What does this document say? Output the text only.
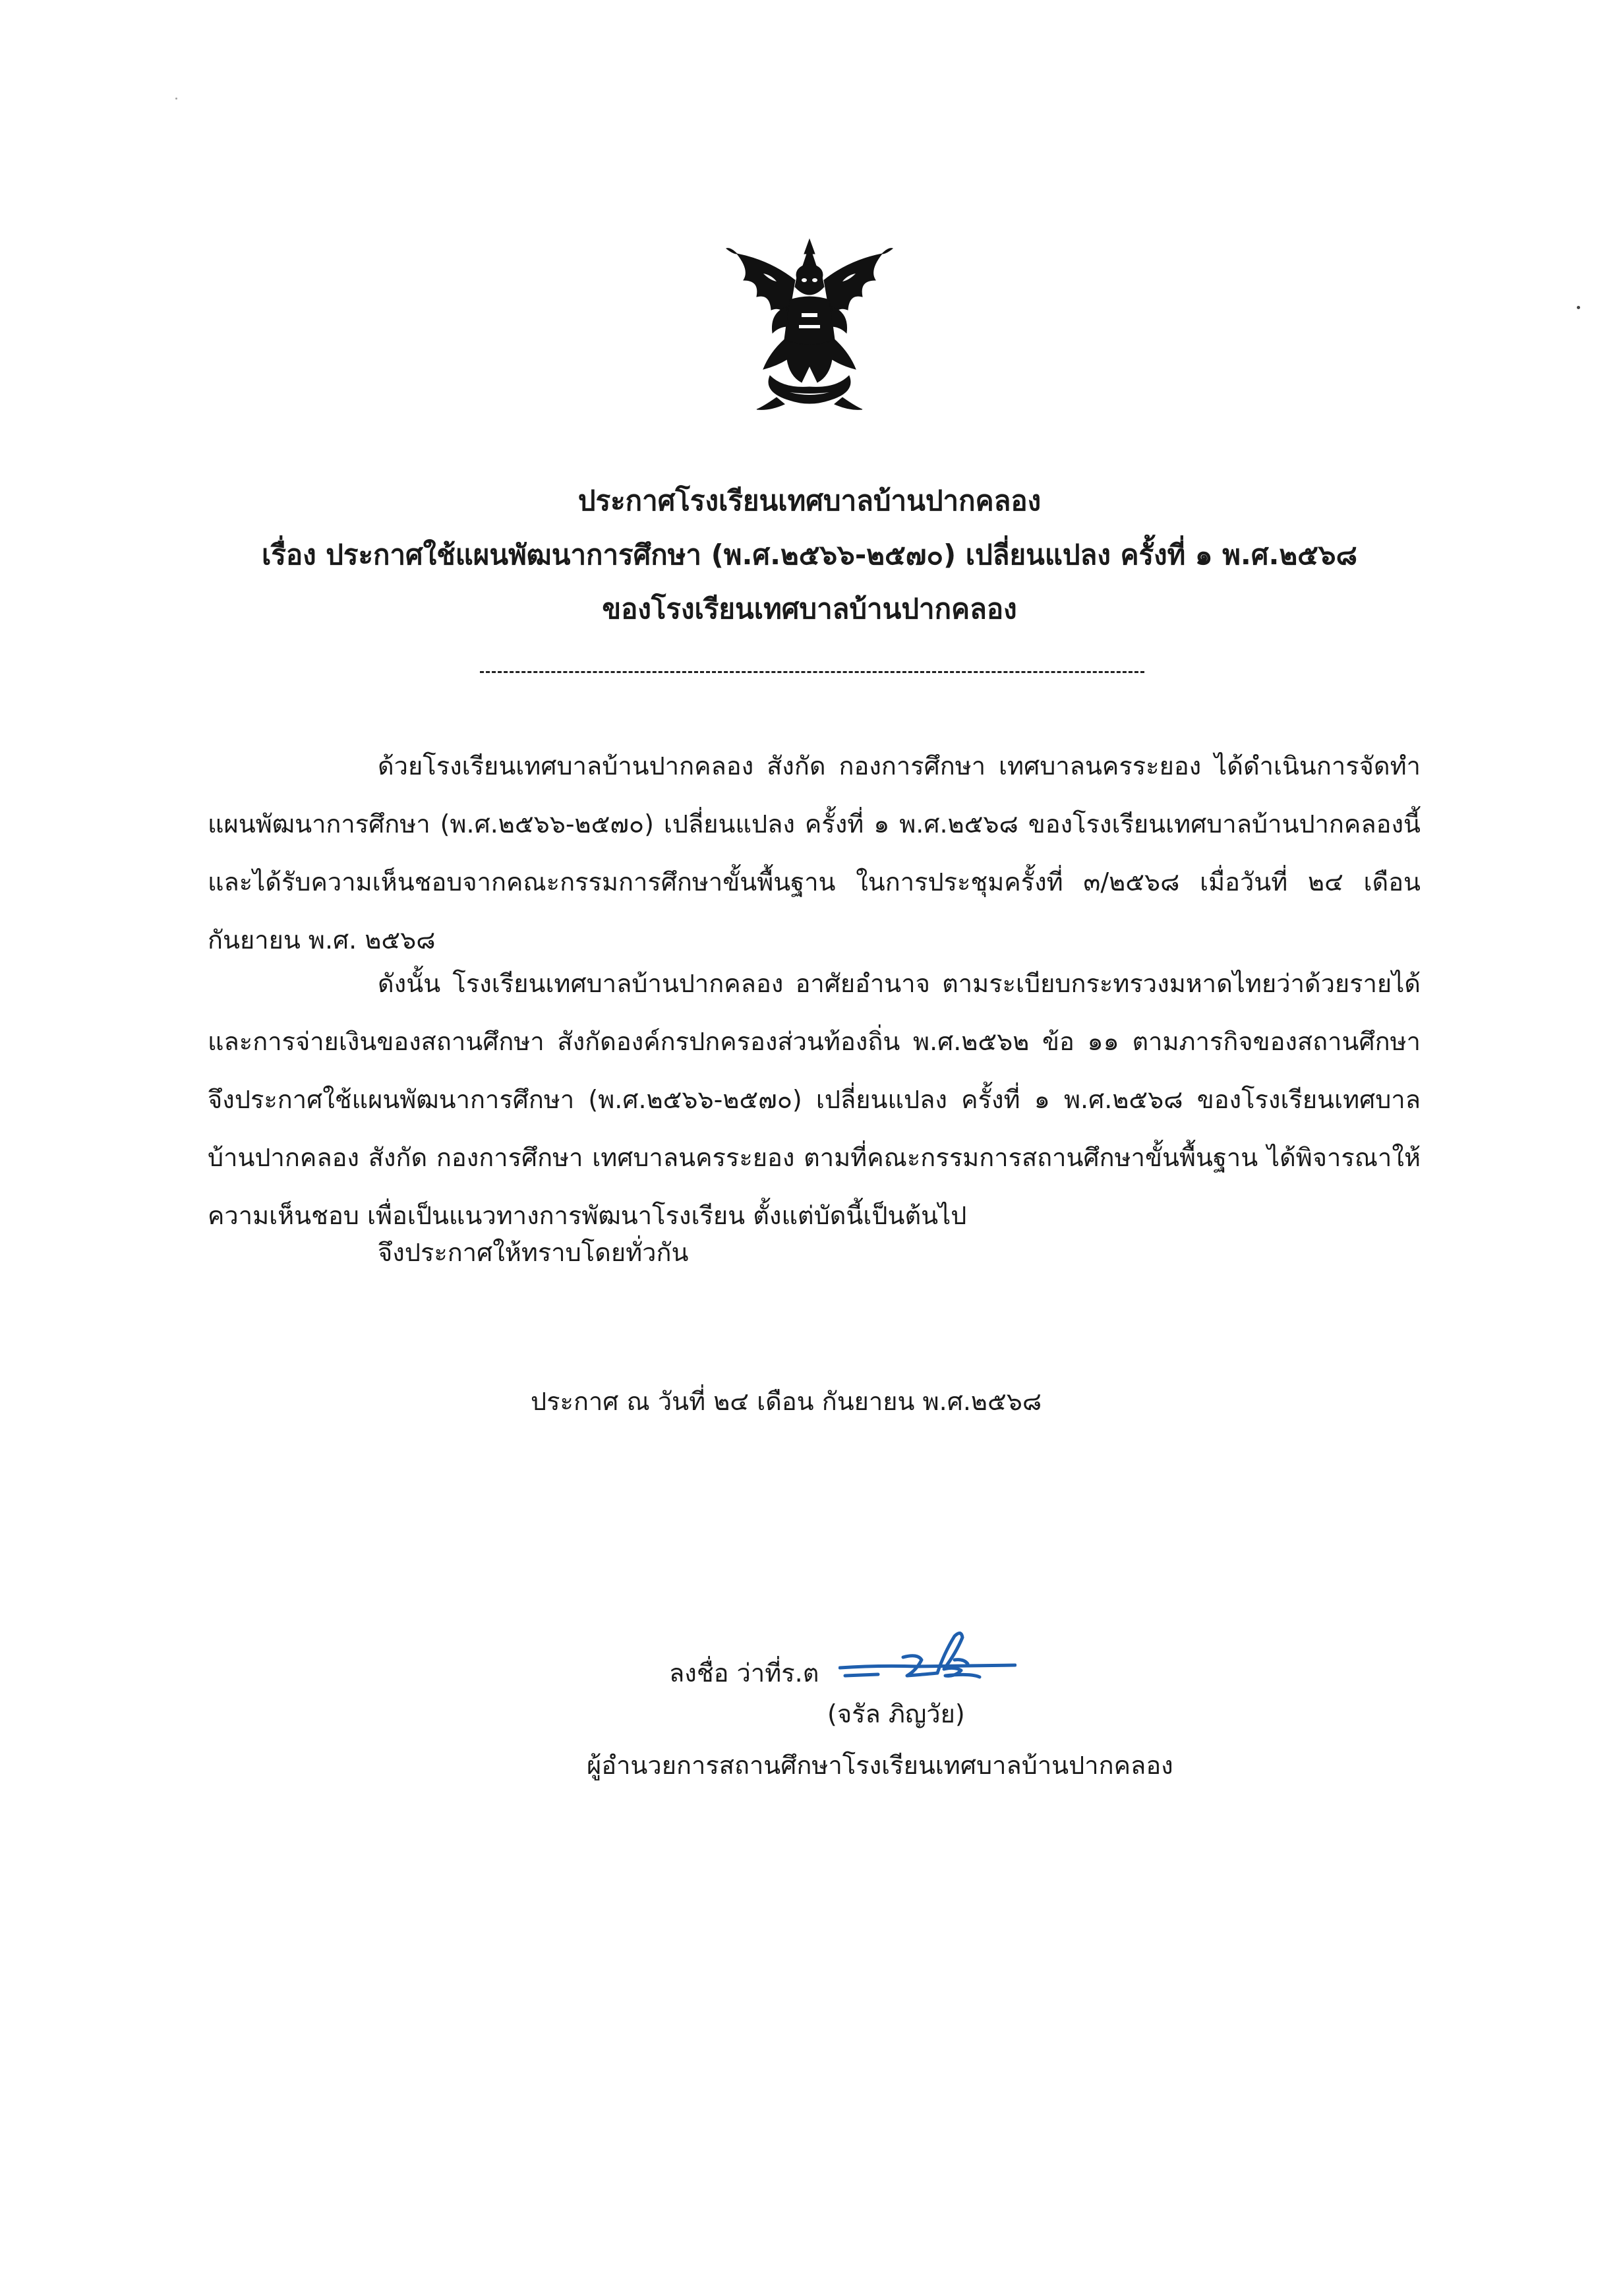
ประกาศโรงเรียนเทศบาลบ้านปากคลอง
เรื่อง ประกาศใช้แผนพัฒนาการศึกษา (พ.ศ.๒๕๖๖-๒๕๗๐) เปลี่ยนแปลง ครั้งที่ ๑ พ.ศ.๒๕๖๘
ของโรงเรียนเทศบาลบ้านปากคลอง
ด้วยโรงเรียนเทศบาลบ้านปากคลอง สังกัด กองการศึกษา เทศบาลนครระยอง ได้ดำเนินการจัดทำแผนพัฒนาการศึกษา (พ.ศ.๒๕๖๖-๒๕๗๐) เปลี่ยนแปลง ครั้งที่ ๑ พ.ศ.๒๕๖๘ ของโรงเรียนเทศบาลบ้านปากคลองนี้ และได้รับความเห็นชอบจากคณะกรรมการศึกษาขั้นพื้นฐาน ในการประชุมครั้งที่ ๓/๒๕๖๘ เมื่อวันที่ ๒๔ เดือน กันยายน พ.ศ. ๒๕๖๘
ดังนั้น โรงเรียนเทศบาลบ้านปากคลอง อาศัยอำนาจ ตามระเบียบกระทรวงมหาดไทยว่าด้วยรายได้และการจ่ายเงินของสถานศึกษา สังกัดองค์กรปกครองส่วนท้องถิ่น พ.ศ.๒๕๖๒ ข้อ ๑๑ ตามภารกิจของสถานศึกษา จึงประกาศใช้แผนพัฒนาการศึกษา (พ.ศ.๒๕๖๖-๒๕๗๐) เปลี่ยนแปลง ครั้งที่ ๑ พ.ศ.๒๕๖๘ ของโรงเรียนเทศบาลบ้านปากคลอง สังกัด กองการศึกษา เทศบาลนครระยอง ตามที่คณะกรรมการสถานศึกษาขั้นพื้นฐาน ได้พิจารณาให้ความเห็นชอบ เพื่อเป็นแนวทางการพัฒนาโรงเรียน ตั้งแต่บัดนี้เป็นต้นไป
จึงประกาศให้ทราบโดยทั่วกัน
ประกาศ ณ วันที่ ๒๔ เดือน กันยายน พ.ศ.๒๕๖๘
ลงชื่อ ว่าที่ร.ต
(จรัล ภิญวัย)
ผู้อำนวยการสถานศึกษาโรงเรียนเทศบาลบ้านปากคลอง
